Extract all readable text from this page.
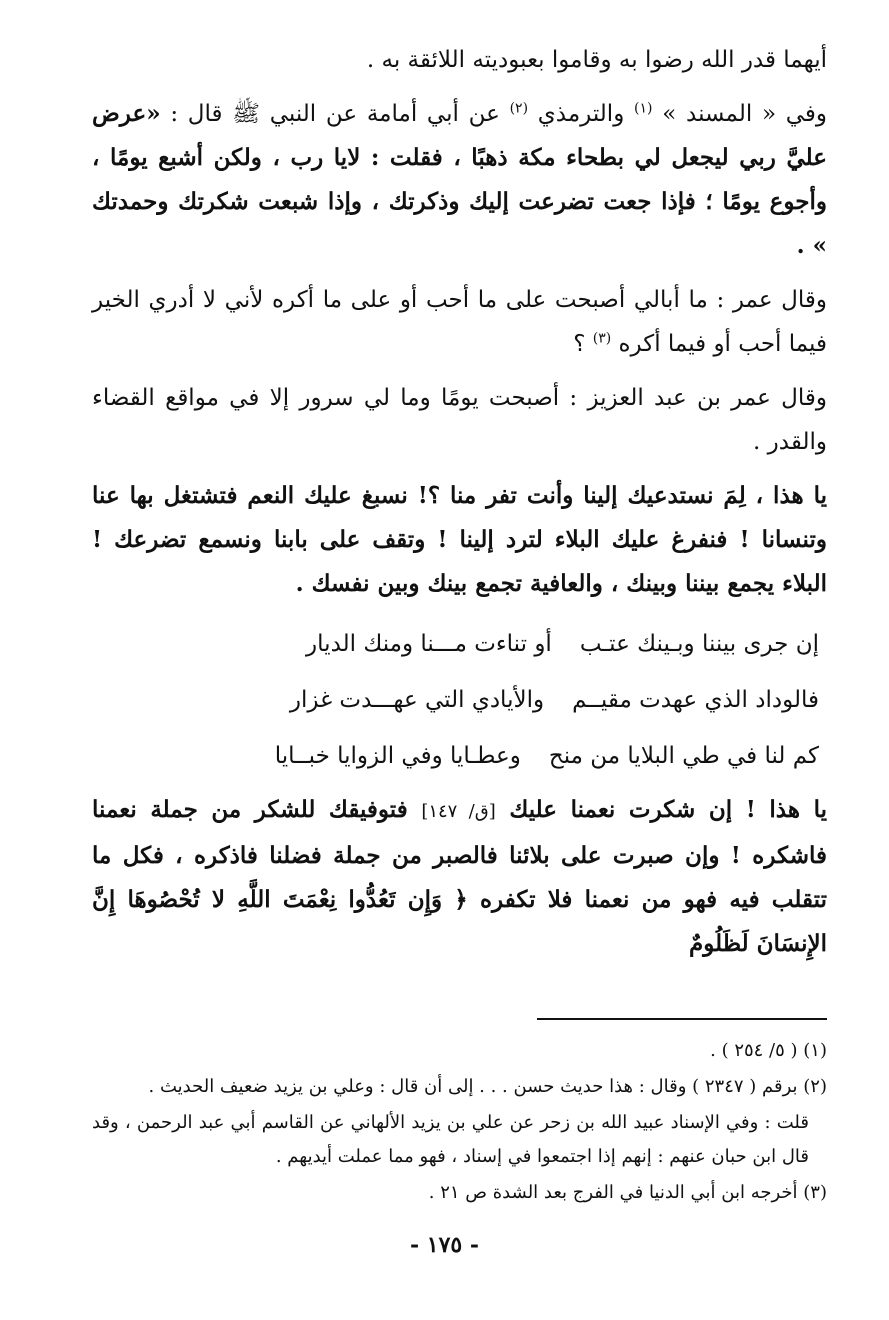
أيهما قدر الله رضوا به وقاموا بعبوديته اللائقة به .

وفي « المسند » $^{(١)}$ والترمذي $^{(٢)}$ عن أبي أمامة عن النبي ﷺ قال : «عرض عليَّ ربي ليجعل لي بطحاء مكة ذهبًا ، فقلت : لايا رب ، ولكن أشبع يومًا ، وأجوع يومًا ؛ فإذا جعت تضرعت إليك وذكرتك ، وإذا شبعت شكرتك وحمدتك » .

وقال عمر : ما أبالي أصبحت على ما أحب أو على ما أكره لأني لا أدري الخير فيما أحب أو فيما أكره $^{(٣)}$ ؟

وقال عمر بن عبد العزيز : أصبحت يومًا وما لي سرور إلا في مواقع القضاء والقدر .

يا هذا ، لِمَ نستدعيك إلينا وأنت تفر منا ؟! نسبغ عليك النعم فتشتغل بها عنا وتنسانا ! فنفرغ عليك البلاء لترد إلينا ! وتقف على بابنا ونسمع تضرعك ! البلاء يجمع بيننا وبينك ، والعافية تجمع بينك وبين نفسك .

إن جرى بيننا وبـينك عتـب
أو تناءت مـــنا ومنك الديار
فالوداد الذي عهدت مقيــم
والأيادي التي عهـــدت غزار
كم لنا في طي البلايا من منح
وعطـايا وفي الزوايا خبــايا

يا هذا ! إن شكرت نعمنا عليك [ق/ ١٤٧] فتوفيقك للشكر من جملة نعمنا فاشكره ! وإن صبرت على بلائنا فالصبر من جملة فضلنا فاذكره ، فكل ما تتقلب فيه فهو من نعمنا فلا تكفره ﴿ وَإِن تَعُدُّوا نِعْمَتَ اللَّهِ لا تُحْصُوهَا إِنَّ الإِنسَانَ لَظَلُومٌ

(١) ( ٥/ ٢٥٤ ) .

(٢) برقم ( ٢٣٤٧ ) وقال : هذا حديث حسن . . . إلى أن قال : وعلي بن يزيد ضعيف الحديث .

قلت : وفي الإسناد عبيد الله بن زحر عن علي بن يزيد الألهاني عن القاسم أبي عبد الرحمن ، وقد قال ابن حبان عنهم : إنهم إذا اجتمعوا في إسناد ، فهو مما عملت أيديهم .

(٣) أخرجه ابن أبي الدنيا في الفرج بعد الشدة ص ٢١ .

- ١٧٥ -
